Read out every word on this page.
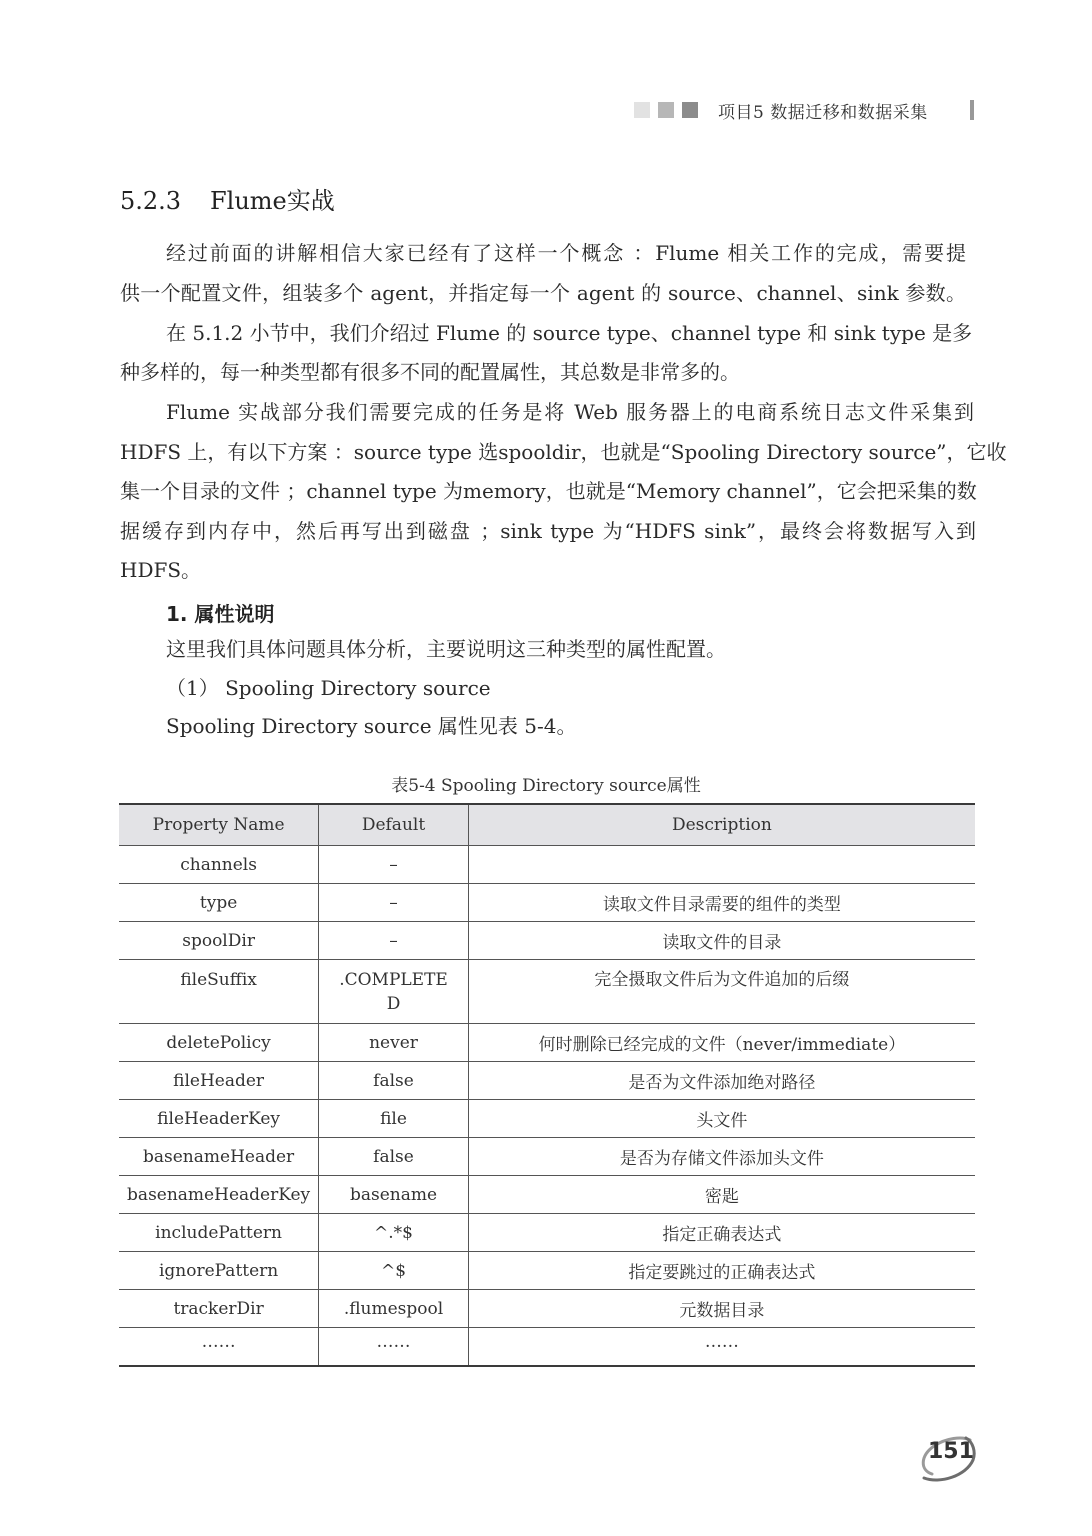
项目5 数据迁移和数据采集
5.2.3 Flume实战
经过前面的讲解相信大家已经有了这样一个概念 ：Flume 相关工作的完成，需要提
供一个配置文件，组装多个 agent，并指定每一个 agent 的 source、channel、sink 参数。
在 5.1.2 小节中，我们介绍过 Flume 的 source type、channel type 和 sink type 是多
种多样的，每一种类型都有很多不同的配置属性，其总数是非常多的。
Flume 实战部分我们需要完成的任务是将 Web 服务器上的电商系统日志文件采集到
HDFS 上，有以下方案 ：source type 选spooldir，也就是“Spooling Directory source”，它收
集一个目录的文件 ；channel type 为memory，也就是“Memory channel”，它会把采集的数
据缓存到内存中，然后再写出到磁盘 ；sink type 为“HDFS sink”，最终会将数据写入到
HDFS。
1. 属性说明
这里我们具体问题具体分析，主要说明这三种类型的属性配置。
（1） Spooling Directory source
Spooling Directory source 属性见表 5-4。
表5-4 Spooling Directory source属性
Property Name	Default	Description
channels	–	
type	–	读取文件目录需要的组件的类型
spoolDir	–	读取文件的目录
fileSuffix	.COMPLETE D	完全摄取文件后为文件追加的后缀
deletePolicy	never	何时删除已经完成的文件（never/immediate）
fileHeader	false	是否为文件添加绝对路径
fileHeaderKey	file	头文件
basenameHeader	false	是否为存储文件添加头文件
basenameHeaderKey	basename	密匙
includePattern	^.*$	指定正确表达式
ignorePattern	^$	指定要跳过的正确表达式
trackerDir	.flumespool	元数据目录
……	……	……
151
